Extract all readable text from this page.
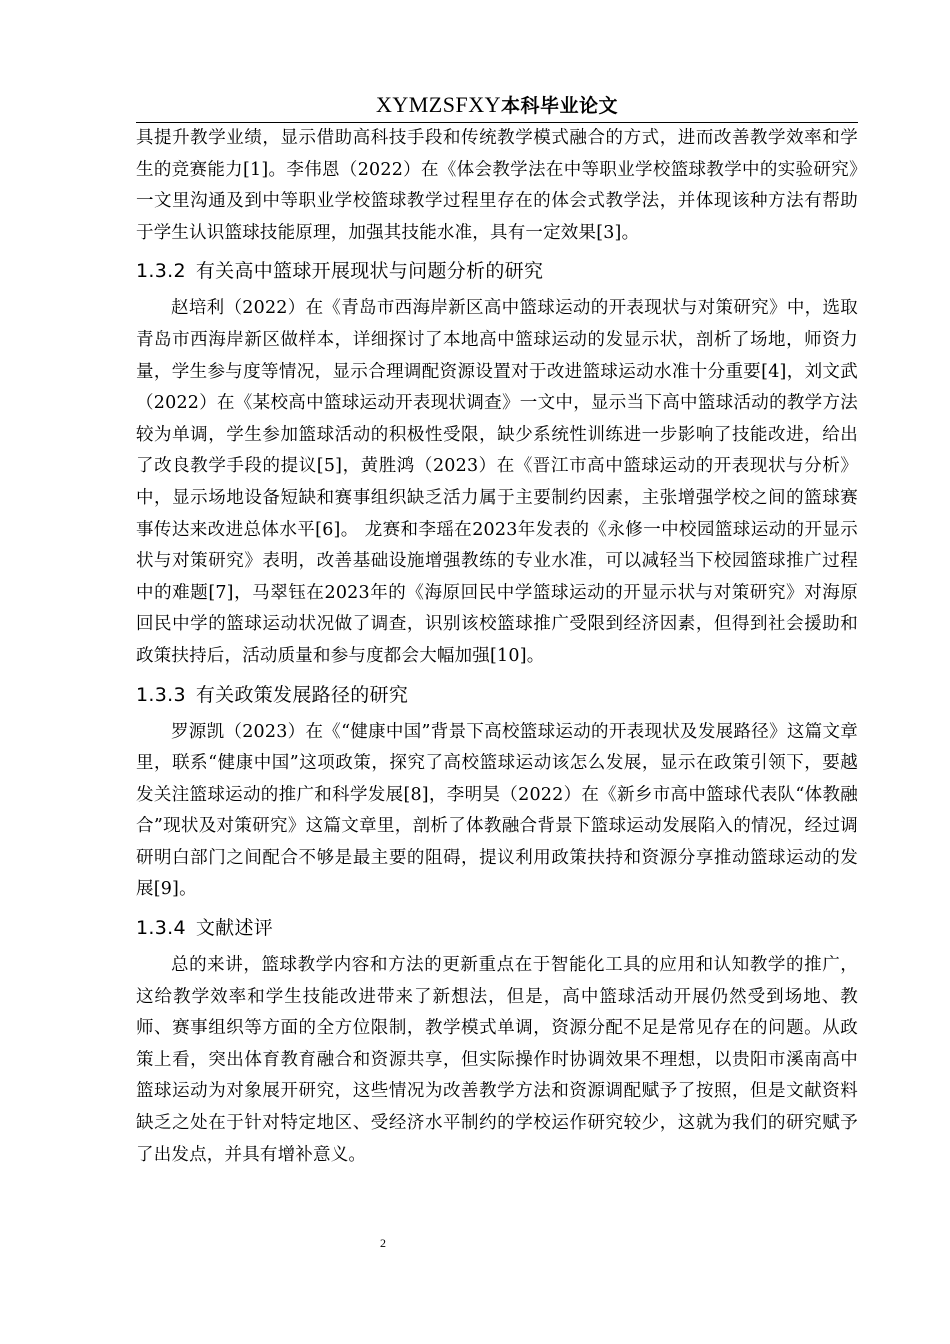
XYMZSFXY本科毕业论文

具提升教学业绩，显示借助高科技手段和传统教学模式融合的方式，进而改善教学效率和学生的竞赛能力[1]。李伟恩（2022）在《体会教学法在中等职业学校篮球教学中的实验研究》一文里沟通及到中等职业学校篮球教学过程里存在的体会式教学法，并体现该种方法有帮助于学生认识篮球技能原理，加强其技能水准，具有一定效果[3]。

1.3.2 有关高中篮球开展现状与问题分析的研究

赵培利（2022）在《青岛市西海岸新区高中篮球运动的开表现状与对策研究》中，选取青岛市西海岸新区做样本，详细探讨了本地高中篮球运动的发显示状，剖析了场地，师资力量，学生参与度等情况，显示合理调配资源设置对于改进篮球运动水准十分重要[4]，刘文武（2022）在《某校高中篮球运动开表现状调查》一文中，显示当下高中篮球活动的教学方法较为单调，学生参加篮球活动的积极性受限，缺少系统性训练进一步影响了技能改进，给出了改良教学手段的提议[5]，黄胜鸿（2023）在《晋江市高中篮球运动的开表现状与分析》中，显示场地设备短缺和赛事组织缺乏活力属于主要制约因素，主张增强学校之间的篮球赛事传达来改进总体水平[6]。 龙赛和李瑶在2023年发表的《永修一中校园篮球运动的开显示状与对策研究》表明，改善基础设施增强教练的专业水准，可以减轻当下校园篮球推广过程中的难题[7]，马翠钰在2023年的《海原回民中学篮球运动的开显示状与对策研究》对海原回民中学的篮球运动状况做了调查，识别该校篮球推广受限到经济因素，但得到社会援助和政策扶持后，活动质量和参与度都会大幅加强[10]。

1.3.3 有关政策发展路径的研究

罗源凯（2023）在《“健康中国”背景下高校篮球运动的开表现状及发展路径》这篇文章里，联系“健康中国”这项政策，探究了高校篮球运动该怎么发展，显示在政策引领下，要越发关注篮球运动的推广和科学发展[8]，李明昊（2022）在《新乡市高中篮球代表队“体教融合”现状及对策研究》这篇文章里，剖析了体教融合背景下篮球运动发展陷入的情况，经过调研明白部门之间配合不够是最主要的阻碍，提议利用政策扶持和资源分享推动篮球运动的发展[9]。

1.3.4 文献述评

总的来讲，篮球教学内容和方法的更新重点在于智能化工具的应用和认知教学的推广，这给教学效率和学生技能改进带来了新想法，但是，高中篮球活动开展仍然受到场地、教师、赛事组织等方面的全方位限制，教学模式单调，资源分配不足是常见存在的问题。从政策上看，突出体育教育融合和资源共享，但实际操作时协调效果不理想，以贵阳市溪南高中篮球运动为对象展开研究，这些情况为改善教学方法和资源调配赋予了按照，但是文献资料缺乏之处在于针对特定地区、受经济水平制约的学校运作研究较少，这就为我们的研究赋予了出发点，并具有增补意义。

2
